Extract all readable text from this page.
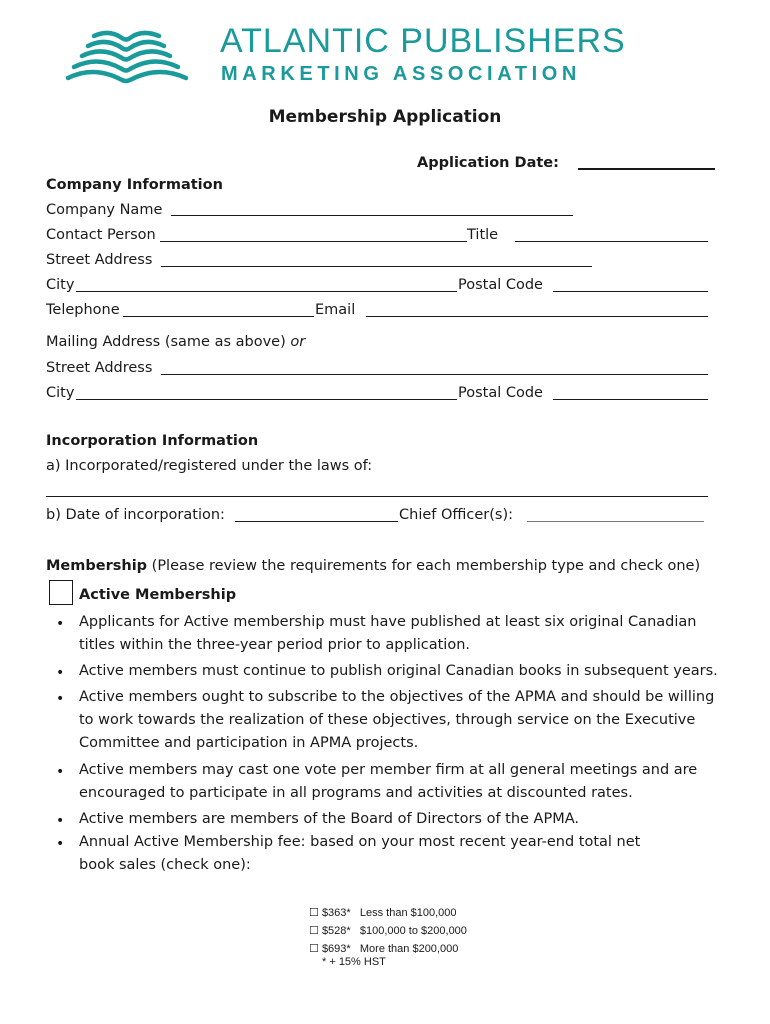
ATLANTIC PUBLISHERS
MARKETING ASSOCIATION
Membership Application
Application Date:
Company Information
Company Name
Contact Person	Title
Street Address
City	Postal Code
Telephone	Email
Mailing Address (same as above) or
Street Address
City	Postal Code
Incorporation Information
a) Incorporated/registered under the laws of:
b) Date of incorporation:	Chief Officer(s):
Membership (Please review the requirements for each membership type and check one)
Active Membership
• Applicants for Active membership must have published at least six original Canadian titles within the three-year period prior to application.
• Active members must continue to publish original Canadian books in subsequent years.
• Active members ought to subscribe to the objectives of the APMA and should be willing to work towards the realization of these objectives, through service on the Executive Committee and participation in APMA projects.
• Active members may cast one vote per member firm at all general meetings and are encouraged to participate in all programs and activities at discounted rates.
• Active members are members of the Board of Directors of the APMA.
• Annual Active Membership fee: based on your most recent year-end total net book sales (check one):
☐ $363* Less than $100,000
☐ $528* $100,000 to $200,000
☐ $693* More than $200,000
* + 15% HST
